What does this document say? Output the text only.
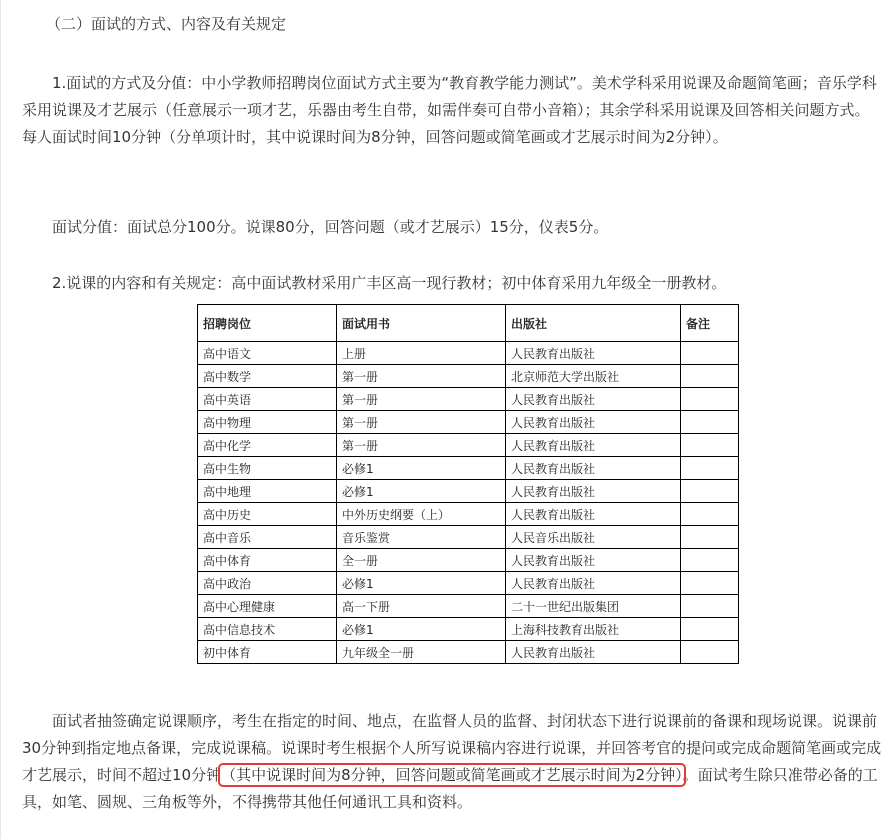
（二）面试的方式、内容及有关规定

1.面试的方式及分值：中小学教师招聘岗位面试方式主要为“教育教学能力测试”。美术学科采用说课及命题简笔画；音乐学科采用说课及才艺展示（任意展示一项才艺，乐器由考生自带，如需伴奏可自带小音箱）；其余学科采用说课及回答相关问题方式。每人面试时间10分钟（分单项计时，其中说课时间为8分钟，回答问题或简笔画或才艺展示时间为2分钟）。

面试分值：面试总分100分。说课80分，回答问题（或才艺展示）15分，仪表5分。

2.说课的内容和有关规定：高中面试教材采用广丰区高一现行教材；初中体育采用九年级全一册教材。

招聘岗位	面试用书	出版社	备注
高中语文	上册	人民教育出版社	
高中数学	第一册	北京师范大学出版社	
高中英语	第一册	人民教育出版社	
高中物理	第一册	人民教育出版社	
高中化学	第一册	人民教育出版社	
高中生物	必修1	人民教育出版社	
高中地理	必修1	人民教育出版社	
高中历史	中外历史纲要（上）	人民教育出版社	
高中音乐	音乐鉴赏	人民音乐出版社	
高中体育	全一册	人民教育出版社	
高中政治	必修1	人民教育出版社	
高中心理健康	高一下册	二十一世纪出版集团	
高中信息技术	必修1	上海科技教育出版社	
初中体育	九年级全一册	人民教育出版社	

面试者抽签确定说课顺序，考生在指定的时间、地点，在监督人员的监督、封闭状态下进行说课前的备课和现场说课。说课前30分钟到指定地点备课，完成说课稿。说课时考生根据个人所写说课稿内容进行说课，并回答考官的提问或完成命题简笔画或完成才艺展示，时间不超过10分钟（其中说课时间为8分钟，回答问题或简笔画或才艺展示时间为2分钟）。面试考生除只准带必备的工具，如笔、圆规、三角板等外，不得携带其他任何通讯工具和资料。
